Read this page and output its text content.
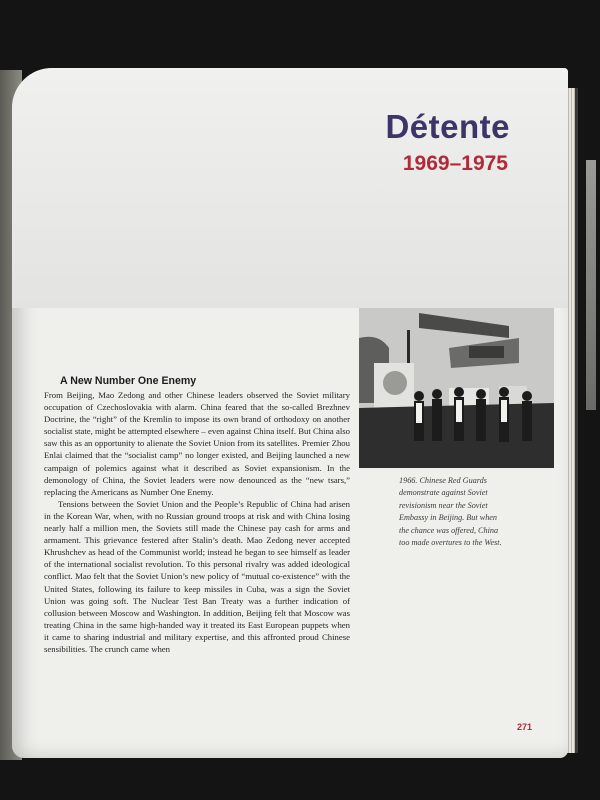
Détente
1969–1975
1966. Chinese Red Guards demonstrate against Soviet revisionism near the Soviet Embassy in Beijing. But when the chance was offered, China too made overtures to the West.
A New Number One Enemy

From Beijing, Mao Zedong and other Chinese leaders observed the Soviet military occupation of Czechoslovakia with alarm. China feared that the so-called Brezhnev Doctrine, the “right” of the Kremlin to impose its own brand of orthodoxy on another socialist state, might be attempted elsewhere – even against China itself. But China also saw this as an opportunity to alienate the Soviet Union from its satellites. Premier Zhou Enlai claimed that the “socialist camp” no longer existed, and Beijing launched a new campaign of polemics against what it described as Soviet expansionism. In the demonology of China, the Soviet leaders were now denounced as the “new tsars,” replacing the Americans as Number One Enemy.

Tensions between the Soviet Union and the People’s Republic of China had arisen in the Korean War, when, with no Russian ground troops at risk and with China losing nearly half a million men, the Soviets still made the Chinese pay cash for arms and armament. This grievance festered after Stalin’s death. Mao Zedong never accepted Khrushchev as head of the Communist world; instead he began to see himself as leader of the international socialist revolution. To this personal rivalry was added ideological conflict. Mao felt that the Soviet Union’s new policy of “mutual co-existence” with the United States, following its failure to keep missiles in Cuba, was a sign the Soviet Union was going soft. The Nuclear Test Ban Treaty was a further indication of collusion between Moscow and Washington. In addition, Beijing felt that Moscow was treating China in the same high-handed way it treated its East European puppets when it came to sharing industrial and military expertise, and this affronted proud Chinese sensibilities. The crunch came when

271
